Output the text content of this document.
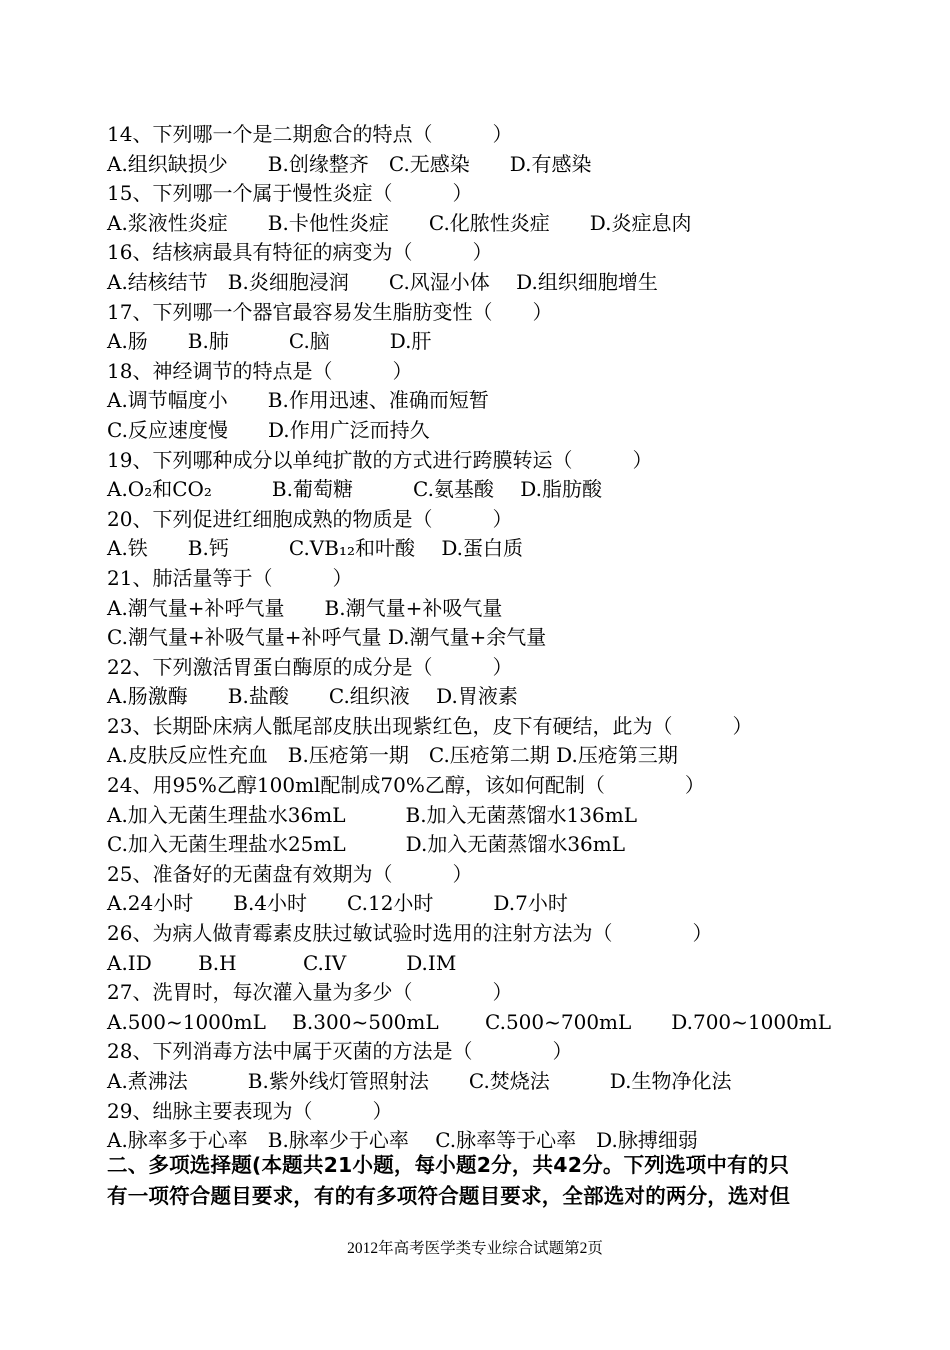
14、下列哪一个是二期愈合的特点（　　　）
A.组织缺损少　　B.创缘整齐　C.无感染　　D.有感染
15、下列哪一个属于慢性炎症（　　　）
A.浆液性炎症　　B.卡他性炎症　　C.化脓性炎症　　D.炎症息肉
16、结核病最具有特征的病变为（　　　）
A.结核结节　B.炎细胞浸润　　C.风湿小体　 D.组织细胞增生
17、下列哪一个器官最容易发生脂肪变性（　　）
A.肠　　B.肺　　　C.脑　　　D.肝
18、神经调节的特点是（　　　）
A.调节幅度小　　B.作用迅速、准确而短暂
C.反应速度慢　　D.作用广泛而持久
19、下列哪种成分以单纯扩散的方式进行跨膜转运（　　　）
A.O₂和CO₂　　　B.葡萄糖　　　C.氨基酸　 D.脂肪酸
20、下列促进红细胞成熟的物质是（　　　）
A.铁　　B.钙　　　C.VB₁₂和叶酸　 D.蛋白质
21、肺活量等于（　　　）
A.潮气量+补呼气量　　B.潮气量+补吸气量
C.潮气量+补吸气量+补呼气量 D.潮气量+余气量
22、下列激活胃蛋白酶原的成分是（　　　）
A.肠激酶　　B.盐酸　　C.组织液　 D.胃液素
23、长期卧床病人骶尾部皮肤出现紫红色，皮下有硬结，此为（　　　）
A.皮肤反应性充血　B.压疮第一期　C.压疮第二期 D.压疮第三期
24、用95%乙醇100ml配制成70%乙醇，该如何配制（　　　　）
A.加入无菌生理盐水36mL　　　B.加入无菌蒸馏水136mL
C.加入无菌生理盐水25mL　　　D.加入无菌蒸馏水36mL
25、准备好的无菌盘有效期为（　　　）
A.24小时　　B.4小时　　C.12小时　　　D.7小时
26、为病人做青霉素皮肤过敏试验时选用的注射方法为（　　　　）
A.ID　　 B.H　　　 C.IV　　　D.IM
27、洗胃时，每次灌入量为多少（　　　　）
A.500~1000mL　 B.300~500mL　　 C.500~700mL　　D.700~1000mL
28、下列消毒方法中属于灭菌的方法是（　　　　）
A.煮沸法　　　B.紫外线灯管照射法　　C.焚烧法　　　D.生物净化法
29、绌脉主要表现为（　　　）
A.脉率多于心率　B.脉率少于心率　 C.脉率等于心率　D.脉搏细弱
二、多项选择题(本题共21小题，每小题2分，共42分。下列选项中有的只
有一项符合题目要求，有的有多项符合题目要求，全部选对的两分，选对但
2012年高考医学类专业综合试题第2页
